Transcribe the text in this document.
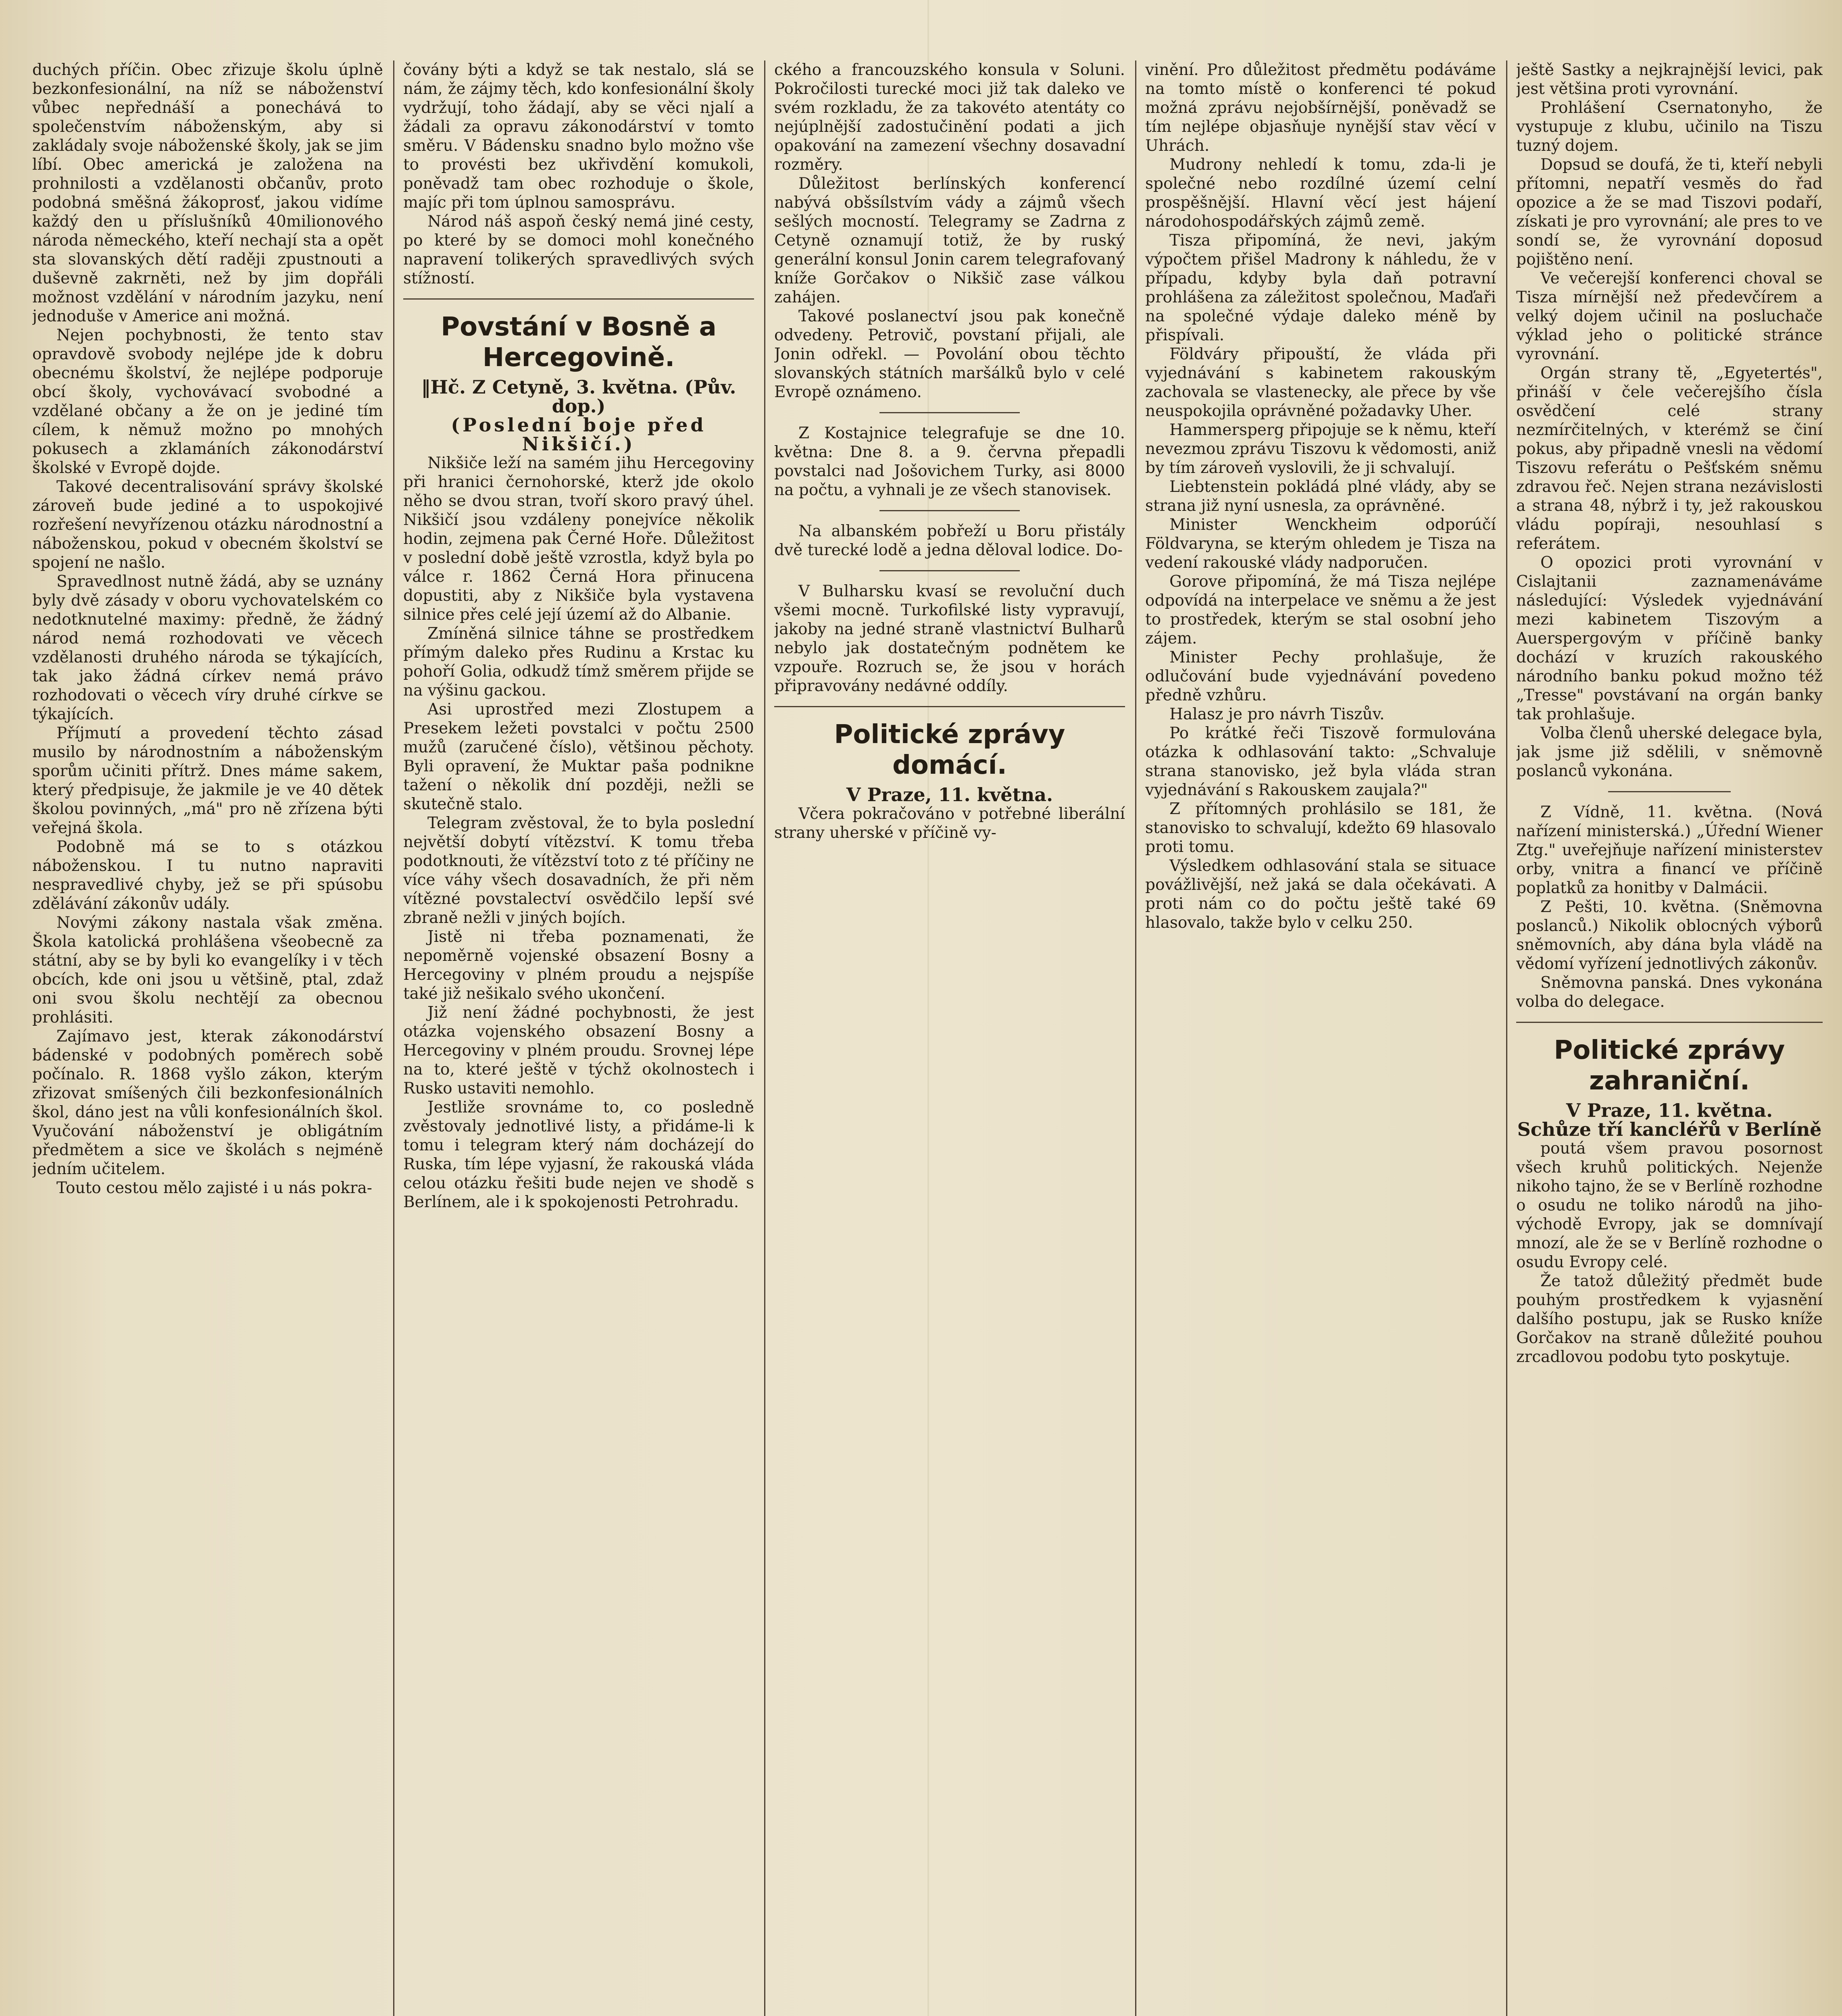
duchých příčin. Obec zřizuje školu úplně bezkonfesionální, na níž se náboženství vůbec nepřednáší a ponechává to společenstvím náboženským, aby si zakládaly svoje náboženské školy, jak se jim líbí. Obec americká je založena na prohnilosti a vzdělanosti občanův, proto podobná směšná žákoprosť, jakou vidíme každý den u příslušníků 40milionového národa německého, kteří nechají sta a opět sta slovanských dětí raději zpustnouti a duševně zakrněti, než by jim dopřáli možnost vzdělání v národním jazyku, není jednoduše v Americe ani možná.

Nejen pochybnosti, že tento stav opravdově svobody nejlépe jde k dobru obecnému školství, že nejlépe podporuje obcí školy, vychovávací svobodné a vzdělané občany a že on je jediné tím cílem, k němuž možno po mnohých pokusech a zklamáních zákonodárství školské v Evropě dojde.

Takové decentralisování správy školské zároveň bude jediné a to uspokojivé rozřešení nevyřízenou otázku národnostní a náboženskou, pokud v obecném školství se spojení ne našlo.

Spravedlnost nutně žádá, aby se uznány byly dvě zásady v oboru vychovatelském co nedotknutelné maximy: předně, že žádný národ nemá rozhodovati ve věcech vzdělanosti druhého národa se týkajících, tak jako žádná církev nemá právo rozhodovati o věcech víry druhé církve se týkajících.

Příjmutí a provedení těchto zásad musilo by národnostním a náboženským sporům učiniti přítrž. Dnes máme sakem, který předpisuje, že jakmile je ve 40 dětek školou povinných, „má" pro ně zřízena býti veřejná škola.

Podobně má se to s otázkou náboženskou. I tu nutno napraviti nespravedlivé chyby, jež se při spúsobu zdělávání zákonův udály.

Novými zákony nastala však změna. Škola katolická prohlášena všeobecně za státní, aby se by byli ko evangelíky i v těch obcích, kde oni jsou u většině, ptal, zdaž oni svou školu nechtějí za obecnou prohlásiti.

Zajímavo jest, kterak zákonodárství bádenské v podobných poměrech sobě počínalo. R. 1868 vyšlo zákon, kterým zřizovat smíšených čili bezkonfesionálních škol, dáno jest na vůli konfesionálních škol. Vyučování náboženství je obligátním předmětem a sice ve školách s nejméně jedním učitelem.

Touto cestou mělo zajisté i u nás pokra-

čovány býti a když se tak nestalo, slá se nám, že zájmy těch, kdo konfesionální školy vydržují, toho žádají, aby se věci njalí a žádali za opravu zákonodárství v tomto směru. V Bádensku snadno bylo možno vše to provésti bez ukřivdění komukoli, poněvadž tam obec rozhoduje o škole, majíc při tom úplnou samosprávu.

Národ náš aspoň český nemá jiné cesty, po které by se domoci mohl konečného napravení tolikerých spravedlivých svých stížností.

Povstání v Bosně a Hercegovině.

‖Hč. Z Cetyně, 3. května. (Pův. dop.)

(Poslední boje před Nikšičí.)

Nikšiče leží na samém jihu Hercegoviny při hranici černohorské, kterž jde okolo něho se dvou stran, tvoří skoro pravý úhel. Nikšičí jsou vzdáleny ponejvíce několik hodin, zejmena pak Černé Hoře. Důležitost v poslední době ještě vzrostla, když byla po válce r. 1862 Černá Hora přinucena dopustiti, aby z Nikšiče byla vystavena silnice přes celé její území až do Albanie.

Zmíněná silnice táhne se prostředkem přímým daleko přes Rudinu a Krstac ku pohoří Golia, odkudž tímž směrem přijde se na výšinu gackou.

Asi uprostřed mezi Zlostupem a Presekem ležeti povstalci v počtu 2500 mužů (zaručené číslo), většinou pěchoty. Byli opravení, že Muktar paša podnikne tažení o několik dní později, nežli se skutečně stalo.

Telegram zvěstoval, že to byla poslední největší dobytí vítězství. K tomu třeba podotknouti, že vítězství toto z té příčiny ne více váhy všech dosavadních, že při něm vítězné povstalectví osvědčilo lepší své zbraně nežli v jiných bojích.

Jistě ni třeba poznamenati, že nepoměrně vojenské obsazení Bosny a Hercegoviny v plném proudu a nejspíše také již nešikalo svého ukončení.

Již není žádné pochybnosti, že jest otázka vojenského obsazení Bosny a Hercegoviny v plném proudu. Srovnej lépe na to, které ještě v týchž okolnostech i Rusko ustaviti nemohlo.

Jestliže srovnáme to, co posledně zvěstovaly jednotlivé listy, a přidáme-li k tomu i telegram který nám docházejí do Ruska, tím lépe vyjasní, že rakouská vláda celou otázku řešiti bude nejen ve shodě s Berlínem, ale i k spokojenosti Petrohradu.

ckého a francouzského konsula v Soluni. Pokročilosti turecké moci již tak daleko ve svém rozkladu, že za takovéto atentáty co nejúplnější zadostučinění podati a jich opakování na zamezení všechny dosavadní rozměry.

Důležitost berlínských konferencí nabývá obšsílstvím vády a zájmů všech sešlých mocností. Telegramy se Zadrna z Cetyně oznamují totiž, že by ruský generální konsul Jonin carem telegrafovaný kníže Gorčakov o Nikšič zase válkou zahájen.

Takové poslanectví jsou pak konečně odvedeny. Petrovič, povstaní přijali, ale Jonin odřekl. — Povolání obou těchto slovanských státních maršálků bylo v celé Evropě oznámeno.

Z Kostajnice telegrafuje se dne 10. května: Dne 8. a 9. června přepadli povstalci nad Jošovichem Turky, asi 8000 na počtu, a vyhnali je ze všech stanovisek.

Na albanském pobřeží u Boru přistály dvě turecké lodě a jedna děloval lodice. Do-

V Bulharsku kvasí se revoluční duch všemi mocně. Turkofilské listy vypravují, jakoby na jedné straně vlastnictví Bulharů nebylo jak dostatečným podnětem ke vzpouře. Rozruch se, že jsou v horách připravovány nedávné oddíly.

Politické zprávy domácí.

V Praze, 11. května.

Včera pokračováno v potřebné liberální strany uherské v příčině vy-

vinění. Pro důležitost předmětu podáváme na tomto místě o konferenci té pokud možná zprávu nejobšírnější, poněvadž se tím nejlépe objasňuje nynější stav věcí v Uhrách.

Mudrony nehledí k tomu, zda-li je společné nebo rozdílné území celní prospěšnější. Hlavní věcí jest hájení národohospodářských zájmů země.

Tisza připomíná, že nevi, jakým výpočtem přišel Madrony k náhledu, že v případu, kdyby byla daň potravní prohlášena za záležitost společnou, Maďaři na společné výdaje daleko méně by přispívali.

Földváry připouští, že vláda při vyjednávání s kabinetem rakouským zachovala se vlastenecky, ale přece by vše neuspokojila oprávněné požadavky Uher.

Hammersperg připojuje se k němu, kteří nevezmou zprávu Tiszovu k vědomosti, aniž by tím zároveň vyslovili, že ji schvalují.

Liebtenstein pokládá plné vlády, aby se strana již nyní usnesla, za oprávněné.

Minister Wenckheim odporúčí Földvaryna, se kterým ohledem je Tisza na vedení rakouské vlády nadporučen.

Gorove připomíná, že má Tisza nejlépe odpovídá na interpelace ve sněmu a že jest to prostředek, kterým se stal osobní jeho zájem.

Minister Pechy prohlašuje, že odlučování bude vyjednávání povedeno předně vzhůru.

Halasz je pro návrh Tiszův.

Po krátké řeči Tiszově formulována otázka k odhlasování takto: „Schvaluje strana stanovisko, jež byla vláda stran vyjednávání s Rakouskem zaujala?"

Z přítomných prohlásilo se 181, že stanovisko to schvalují, kdežto 69 hlasovalo proti tomu.

Výsledkem odhlasování stala se situace povážlivější, než jaká se dala očekávati. A proti nám co do počtu ještě také 69 hlasovalo, takže bylo v celku 250.

ještě Sastky a nejkrajnější levici, pak jest většina proti vyrovnání.

Prohlášení Csernatonyho, že vystupuje z klubu, učinilo na Tiszu tuzný dojem.

Dopsud se doufá, že ti, kteří nebyli přítomni, nepatří vesměs do řad opozice a že se mad Tiszovi podaří, získati je pro vyrovnání; ale pres to ve sondí se, že vyrovnání doposud pojištěno není.

Ve večerejší konferenci choval se Tisza mírnější než předevčírem a velký dojem učinil na posluchače výklad jeho o politické stránce vyrovnání.

Orgán strany tě, „Egyetertés", přináší v čele večerejšího čísla osvědčení celé strany nezmírčitelných, v kterémž se činí pokus, aby připadně vnesli na vědomí Tiszovu referátu o Pešťském sněmu zdravou řeč. Nejen strana nezávislosti a strana 48, nýbrž i ty, jež rakouskou vládu popíraji, nesouhlasí s referátem.

O opozici proti vyrovnání v Cislajtanii zaznamenáváme následující: Výsledek vyjednávání mezi kabinetem Tiszovým a Auerspergovým v příčině banky dochází v kruzích rakouského národního banku pokud možno též „Tresse" povstávaní na orgán banky tak prohlašuje.

Volba členů uherské delegace byla, jak jsme již sdělili, v sněmovně poslanců vykonána.

Z Vídně, 11. května. (Nová nařízení ministerská.) „Úřední Wiener Ztg." uveřejňuje nařízení ministerstev orby, vnitra a financí ve příčině poplatků za honitby v Dalmácii.

Z Pešti, 10. května. (Sněmovna poslanců.) Nikolik oblocných výborů sněmovních, aby dána byla vládě na vědomí vyřízení jednotlivých zákonův.

Sněmovna panská. Dnes vykonána volba do delegace.

Politické zprávy zahraniční.

V Praze, 11. května.

Schůze tří kancléřů v Berlíně

poutá všem pravou posornost všech kruhů politických. Nejenže nikoho tajno, že se v Berlíně rozhodne o osudu ne toliko národů na jiho-východě Evropy, jak se domnívají mnozí, ale že se v Berlíně rozhodne o osudu Evropy celé.

Že tatož důležitý předmět bude pouhým prostředkem k vyjasnění dalšího postupu, jak se Rusko kníže Gorčakov na straně důležité pouhou zrcadlovou podobu tyto poskytuje.
